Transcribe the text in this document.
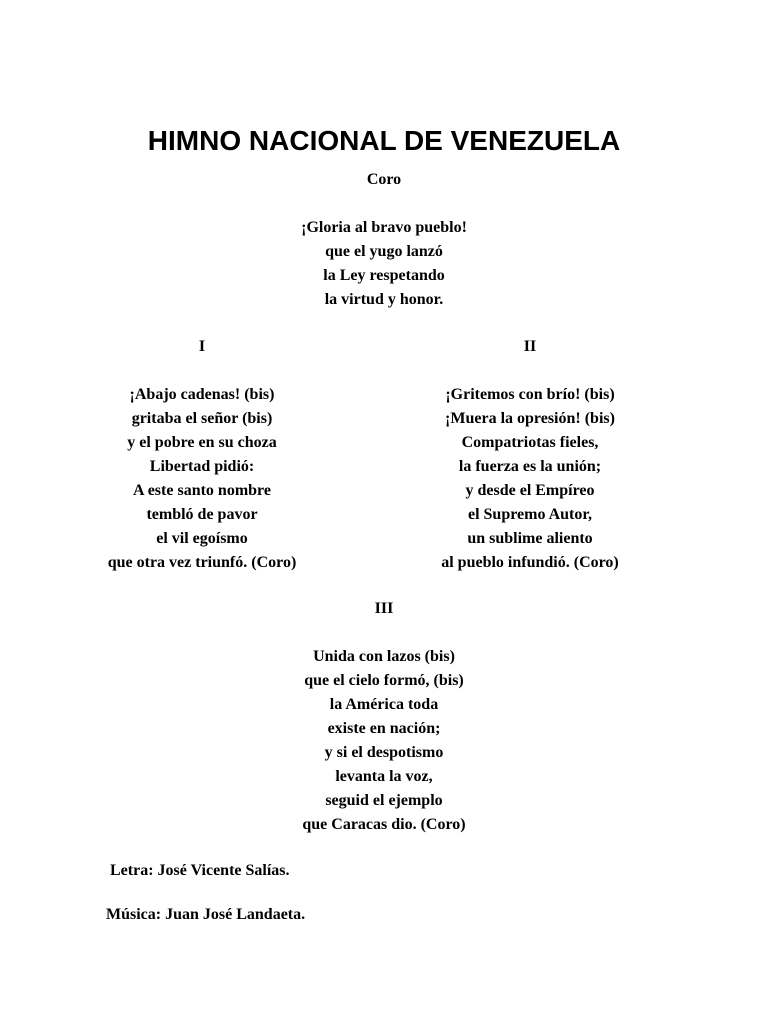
HIMNO NACIONAL DE VENEZUELA
Coro
¡Gloria al bravo pueblo!
que el yugo lanzó
la Ley respetando
la virtud y honor.
I
¡Abajo cadenas! (bis)
gritaba el señor (bis)
y el pobre en su choza
Libertad pidió:
A este santo nombre
tembló de pavor
el vil egoísmo
que otra vez triunfó. (Coro)
II
¡Gritemos con brío! (bis)
¡Muera la opresión! (bis)
Compatriotas fieles,
la fuerza es la unión;
y desde el Empíreo
el Supremo Autor,
un sublime aliento
al pueblo infundió. (Coro)
III
Unida con lazos (bis)
que el cielo formó, (bis)
la América toda
existe en nación;
y si el despotismo
levanta la voz,
seguid el ejemplo
que Caracas dio. (Coro)
Letra: José Vicente Salías.
Música: Juan José Landaeta.
